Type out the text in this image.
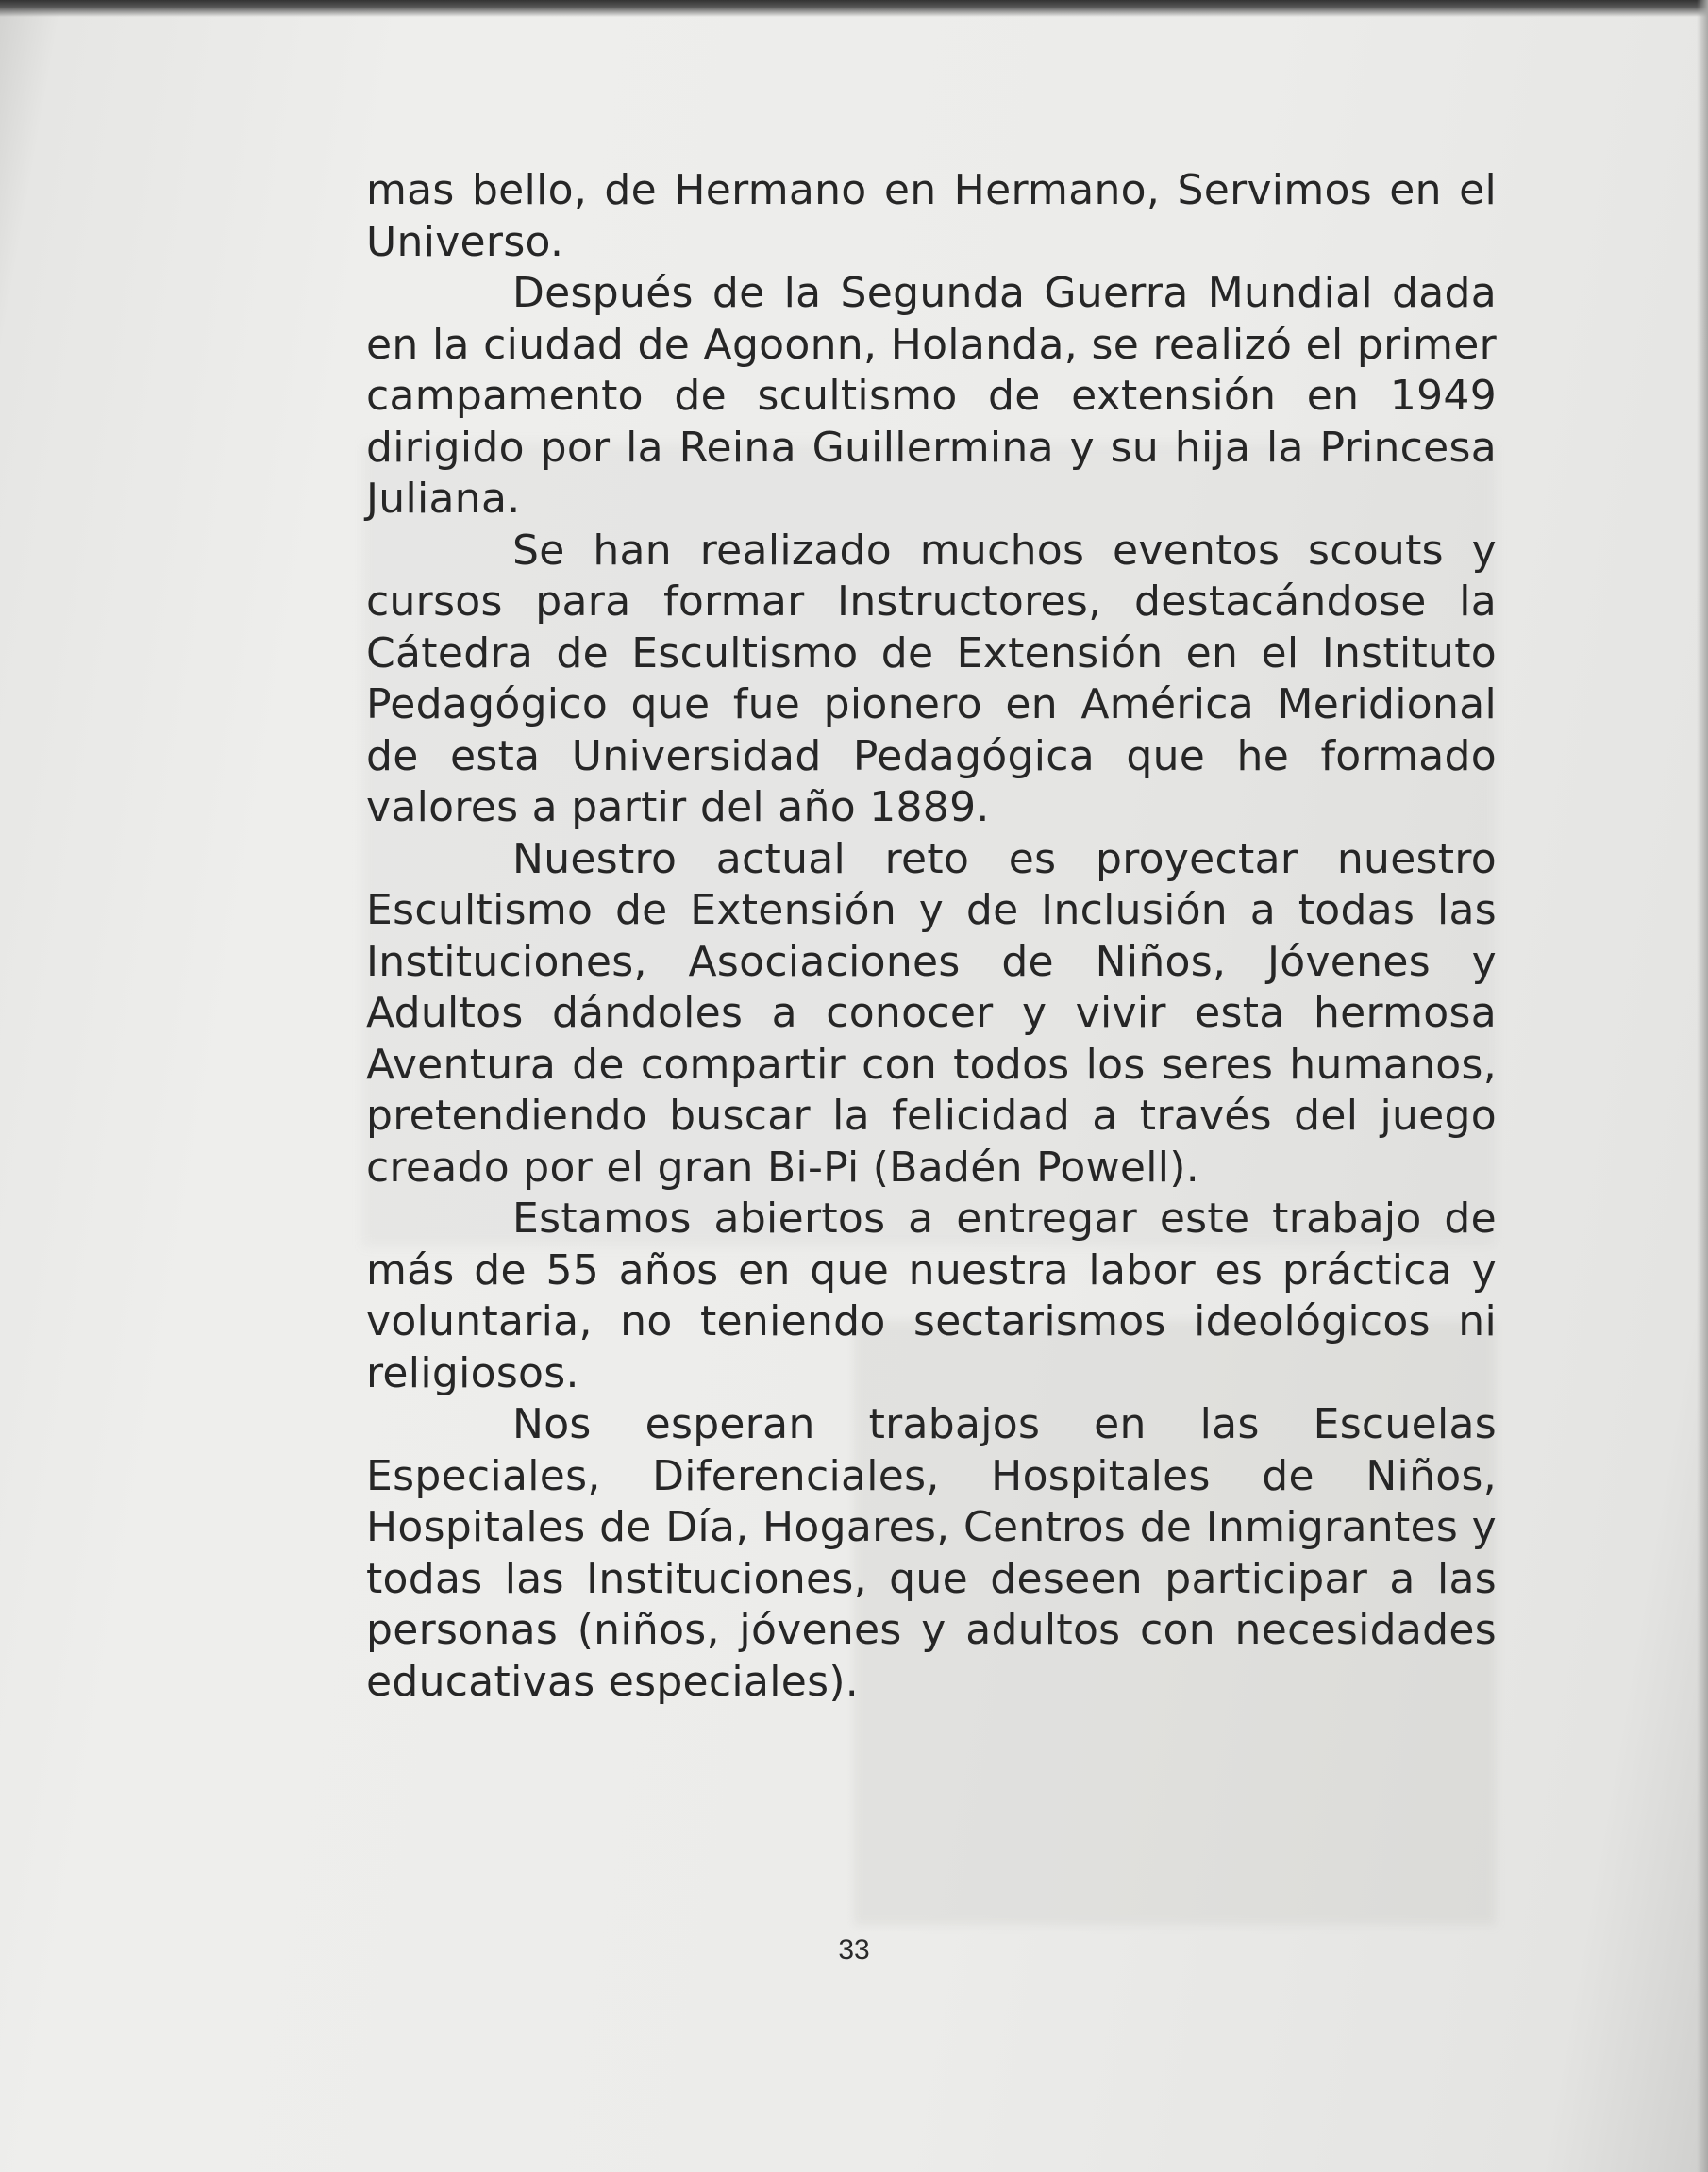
mas bello, de Hermano en Hermano, Servimos en el Universo.

Después de la Segunda Guerra Mundial dada en la ciudad de Agoonn, Holanda, se realizó el primer campamento de scultismo de extensión en 1949 dirigido por la Reina Guillermina y su hija la Princesa Juliana.

Se han realizado muchos eventos scouts y cursos para formar Instructores, destacándose la Cátedra de Escultismo de Extensión en el Instituto Pedagógico que fue pionero en América Meridional de esta Universidad Pedagógica que he formado valores a partir del año 1889.

Nuestro actual reto es proyectar nuestro Escultismo de Extensión y de Inclusión a todas las Instituciones, Asociaciones de Niños, Jóvenes y Adultos dándoles a conocer y vivir esta hermosa Aventura de compartir con todos los seres humanos, pretendiendo buscar la felicidad a través del juego creado por el gran Bi-Pi (Badén Powell).

Estamos abiertos a entregar este trabajo de más de 55 años en que nuestra labor es práctica y voluntaria, no teniendo sectarismos ideológicos ni religiosos.

Nos esperan trabajos en las Escuelas Especiales, Diferenciales, Hospitales de Niños, Hospitales de Día, Hogares, Centros de Inmigrantes y todas las Instituciones, que deseen participar a las personas (niños, jóvenes y adultos con necesidades educativas especiales).

33
